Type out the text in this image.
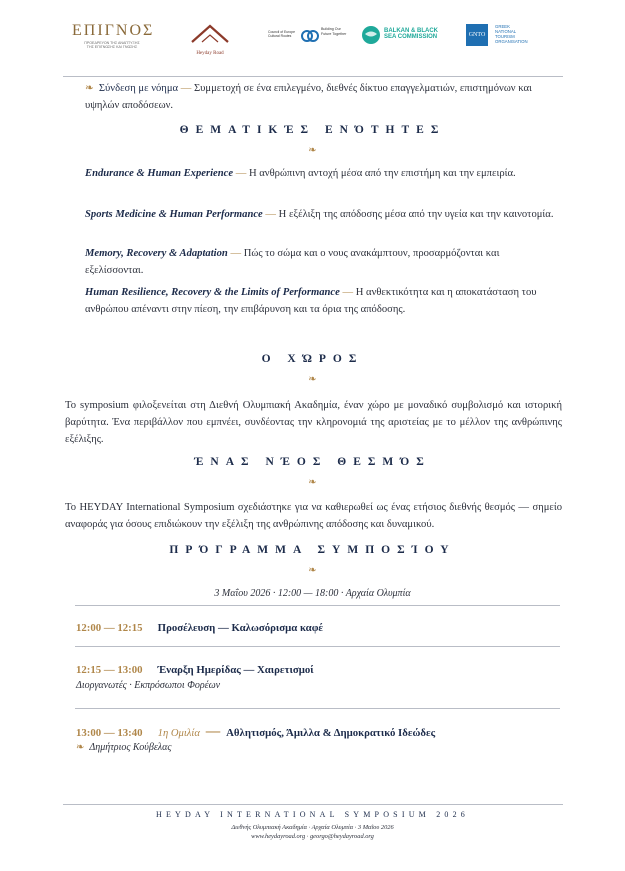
ΕΠΙΓΝΟΣ
ΠΡΟΕΔΡΕΥΟΝ ΤΗΣ ΑΝΑΠΤΥΞΗΣ
ΤΗΣ ΕΠΙΓΝΩΣΗΣ ΚΑΙ ΓΝΩΣΗΣ
Heyday Road
Council of Europe Cultural Routes
Building Our Future Together	BALKAN & BLACK
SEA COMMISSION	GNTO
GREEK
NATIONAL
TOURISM
ORGANISATION
❧ Σύνδεση με νόημα — Συμμετοχή σε ένα επιλεγμένο, διεθνές δίκτυο επαγγελματιών, επιστημόνων και υψηλών αποδόσεων.
ΘΕΜΑΤΙΚΈΣ ΕΝΌΤΗΤΕΣ
❧
Endurance & Human Experience — Η ανθρώπινη αντοχή μέσα από την επιστήμη και την εμπειρία.
Sports Medicine & Human Performance — Η εξέλιξη της απόδοσης μέσα από την υγεία και την καινοτομία.
Memory, Recovery & Adaptation — Πώς το σώμα και ο νους ανακάμπτουν, προσαρμόζονται και εξελίσσονται.
Human Resilience, Recovery & the Limits of Performance — Η ανθεκτικότητα και η αποκατάσταση του ανθρώπου απέναντι στην πίεση, την επιβάρυνση και τα όρια της απόδοσης.
Ο ΧΏΡΟΣ
❧
Το symposium φιλοξενείται στη Διεθνή Ολυμπιακή Ακαδημία, έναν χώρο με μοναδικό συμβολισμό και ιστορική βαρύτητα. Ένα περιβάλλον που εμπνέει, συνδέοντας την κληρονομιά της αριστείας με το μέλλον της ανθρώπινης εξέλιξης.
ΈΝΑΣ ΝΈΟΣ ΘΕΣΜΌΣ
❧
Το HEYDAY International Symposium σχεδιάστηκε για να καθιερωθεί ως ένας ετήσιος διεθνής θεσμός — σημείο αναφοράς για όσους επιδιώκουν την εξέλιξη της ανθρώπινης απόδοσης και δυναμικού.
ΠΡΌΓΡΑΜΜΑ ΣΥΜΠΟΣΊΟΥ
❧
3 Μαΐου 2026 · 12:00 — 18:00 · Αρχαία Ολυμπία
12:00 — 12:15 Προσέλευση — Καλωσόρισμα καφέ
12:15 — 13:00 Έναρξη Ημερίδας — Χαιρετισμοί
Διοργανωτές · Εκπρόσωποι Φορέων
13:00 — 13:40 1η Ομιλία — Αθλητισμός, Άμιλλα & Δημοκρατικό Ιδεώδες
❧ Δημήτριος Κούβελας
HEYDAY INTERNATIONAL SYMPOSIUM 2026
Διεθνής Ολυμπιακή Ακαδημία · Αρχαία Ολυμπία · 3 Μαΐου 2026
www.heydayroad.org · georgo@heydayroad.org
